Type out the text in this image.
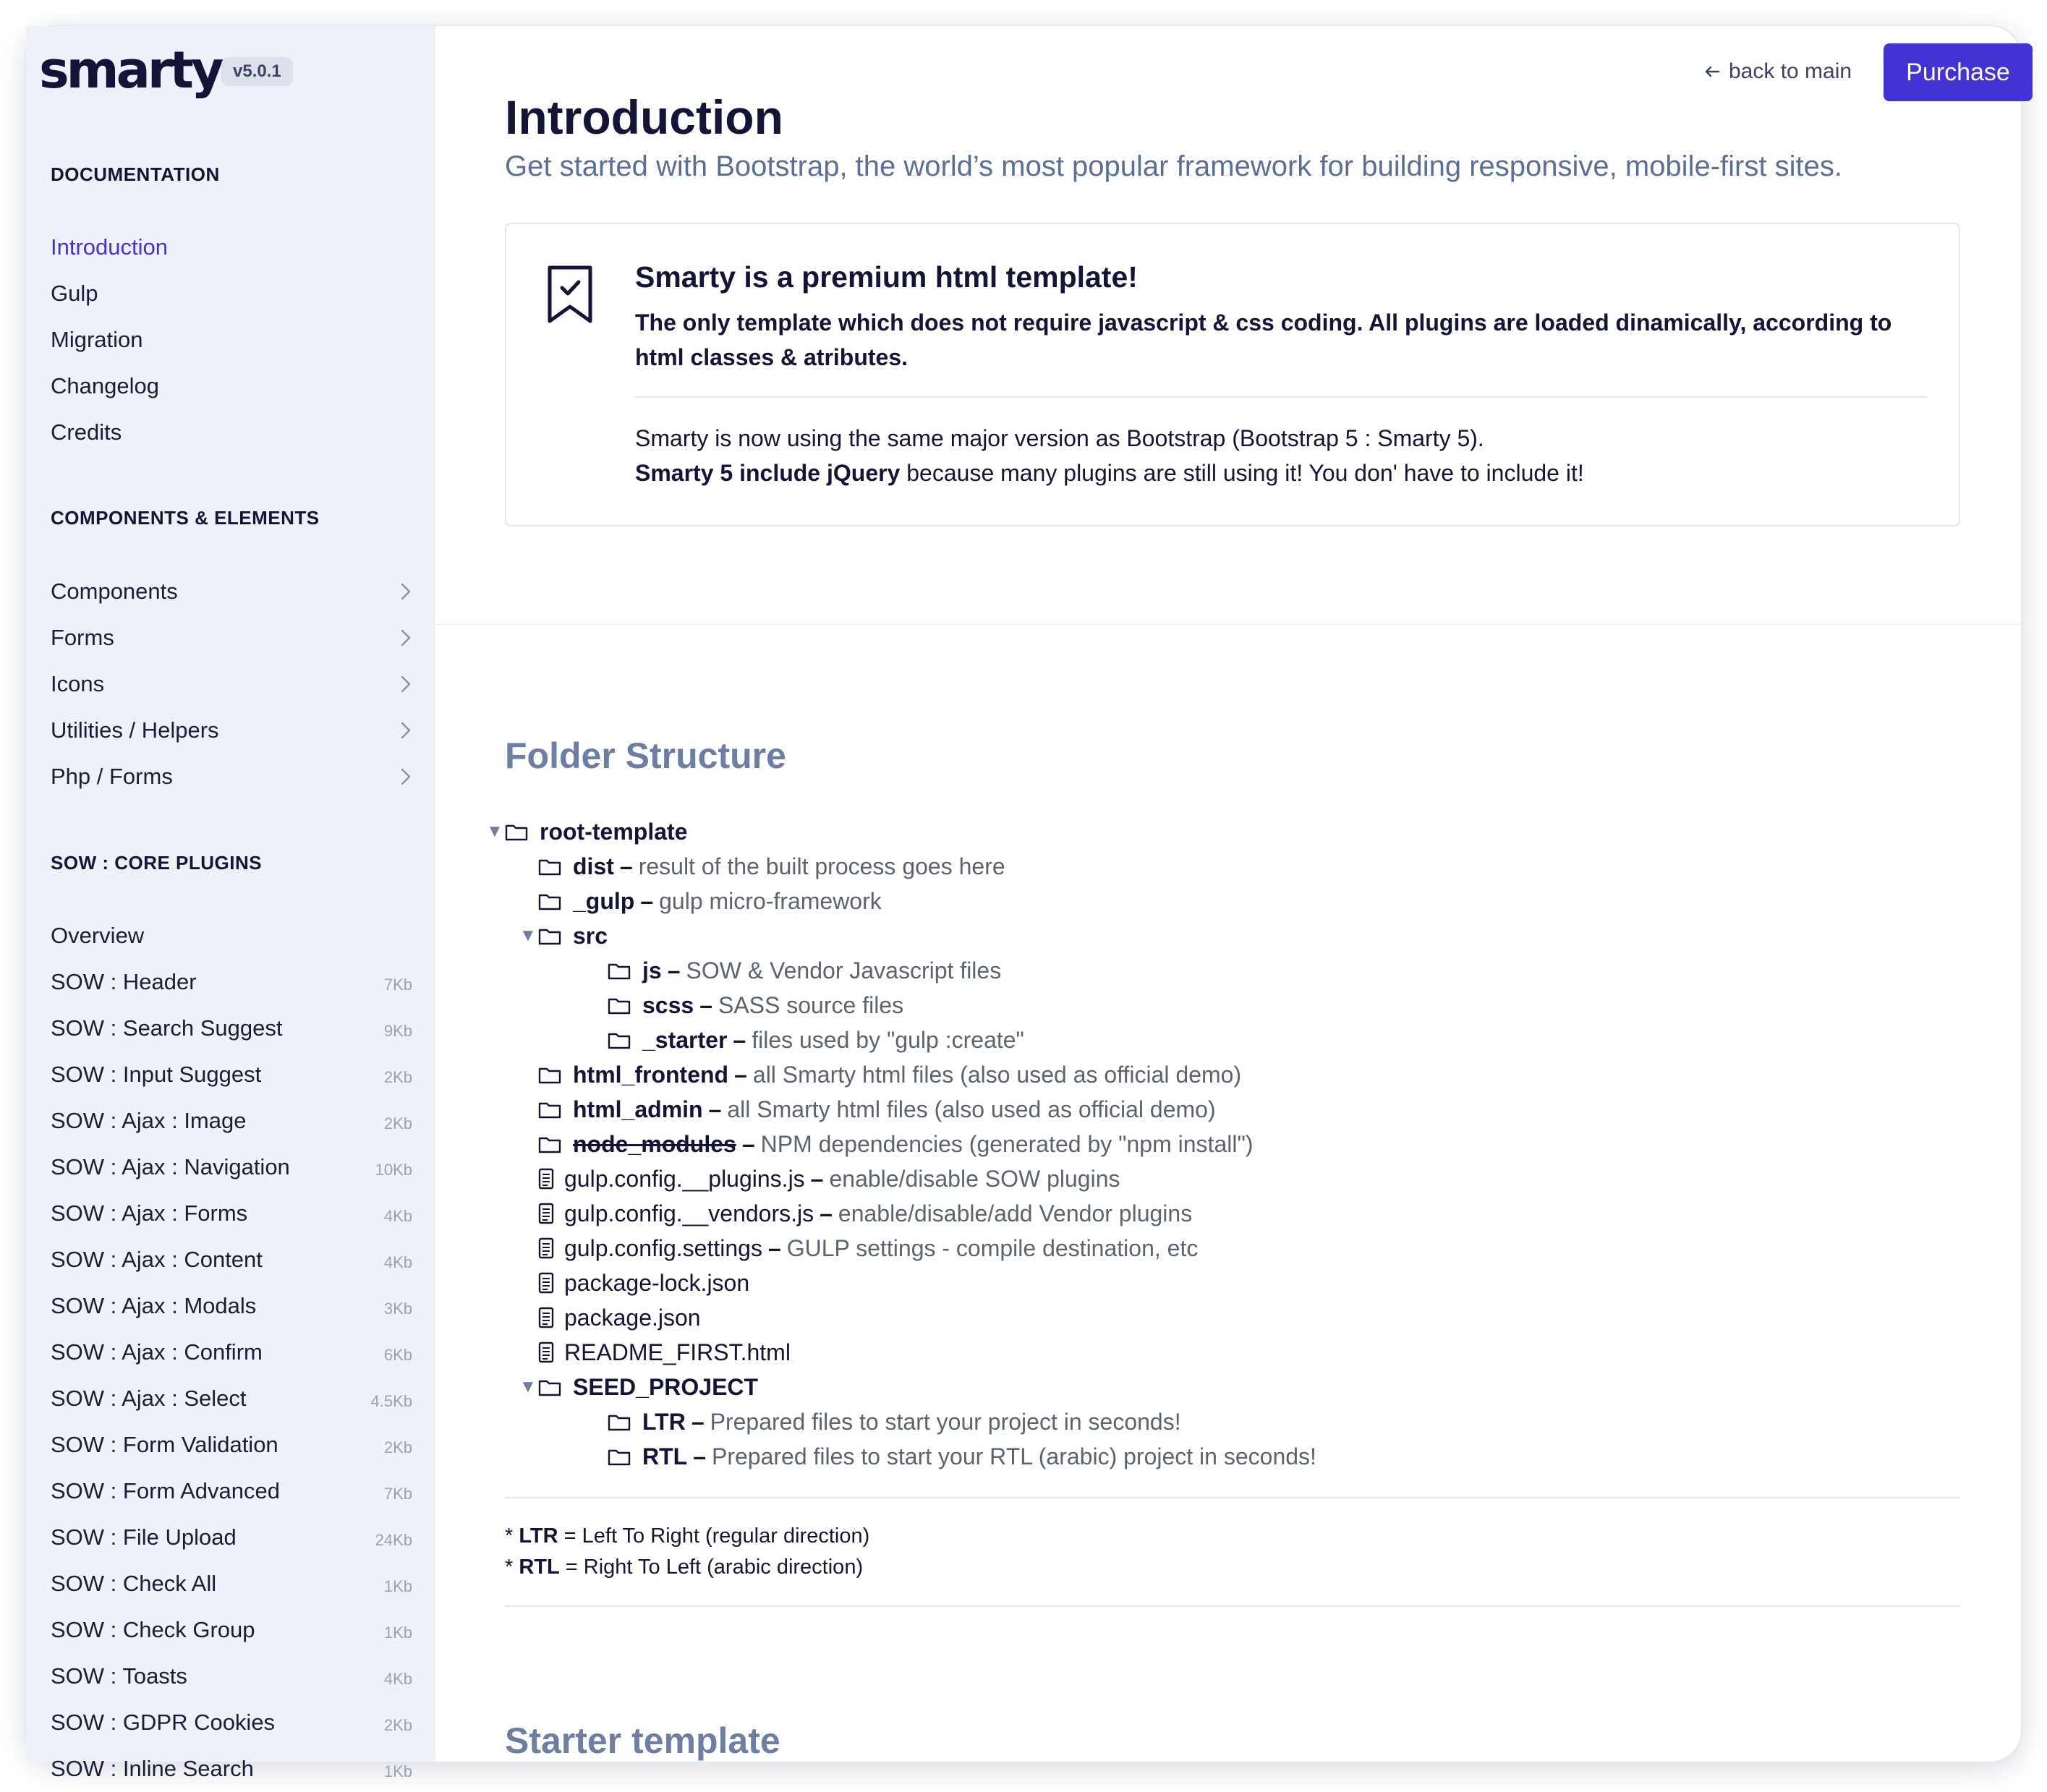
smarty v5.0.1
DOCUMENTATION
Introduction
Gulp
Migration
Changelog
Credits
COMPONENTS & ELEMENTS
Components
Forms
Icons
Utilities / Helpers
Php / Forms
SOW : CORE PLUGINS
Overview
SOW : Header	7Kb
SOW : Search Suggest	9Kb
SOW : Input Suggest	2Kb
SOW : Ajax : Image	2Kb
SOW : Ajax : Navigation	10Kb
SOW : Ajax : Forms	4Kb
SOW : Ajax : Content	4Kb
SOW : Ajax : Modals	3Kb
SOW : Ajax : Confirm	6Kb
SOW : Ajax : Select	4.5Kb
SOW : Form Validation	2Kb
SOW : Form Advanced	7Kb
SOW : File Upload	24Kb
SOW : Check All	1Kb
SOW : Check Group	1Kb
SOW : Toasts	4Kb
SOW : GDPR Cookies	2Kb
SOW : Inline Search	1Kb
back to main	Purchase
Introduction
Get started with Bootstrap, the world’s most popular framework for building responsive, mobile-first sites.
Smarty is a premium html template!
The only template which does not require javascript & css coding. All plugins are loaded dinamically, according to html classes & atributes.
Smarty is now using the same major version as Bootstrap (Bootstrap 5 : Smarty 5).
Smarty 5 include jQuery because many plugins are still using it! You don' have to include it!
Folder Structure
▼ root-template
dist – result of the built process goes here
_gulp – gulp micro-framework
▼ src
js – SOW & Vendor Javascript files
scss – SASS source files
_starter – files used by "gulp :create"
html_frontend – all Smarty html files (also used as official demo)
html_admin – all Smarty html files (also used as official demo)
node_modules – NPM dependencies (generated by "npm install")
gulp.config.__plugins.js – enable/disable SOW plugins
gulp.config.__vendors.js – enable/disable/add Vendor plugins
gulp.config.settings – GULP settings - compile destination, etc
package-lock.json
package.json
README_FIRST.html
▼ SEED_PROJECT
LTR – Prepared files to start your project in seconds!
RTL – Prepared files to start your RTL (arabic) project in seconds!
* LTR = Left To Right (regular direction)
* RTL = Right To Left (arabic direction)
Starter template
